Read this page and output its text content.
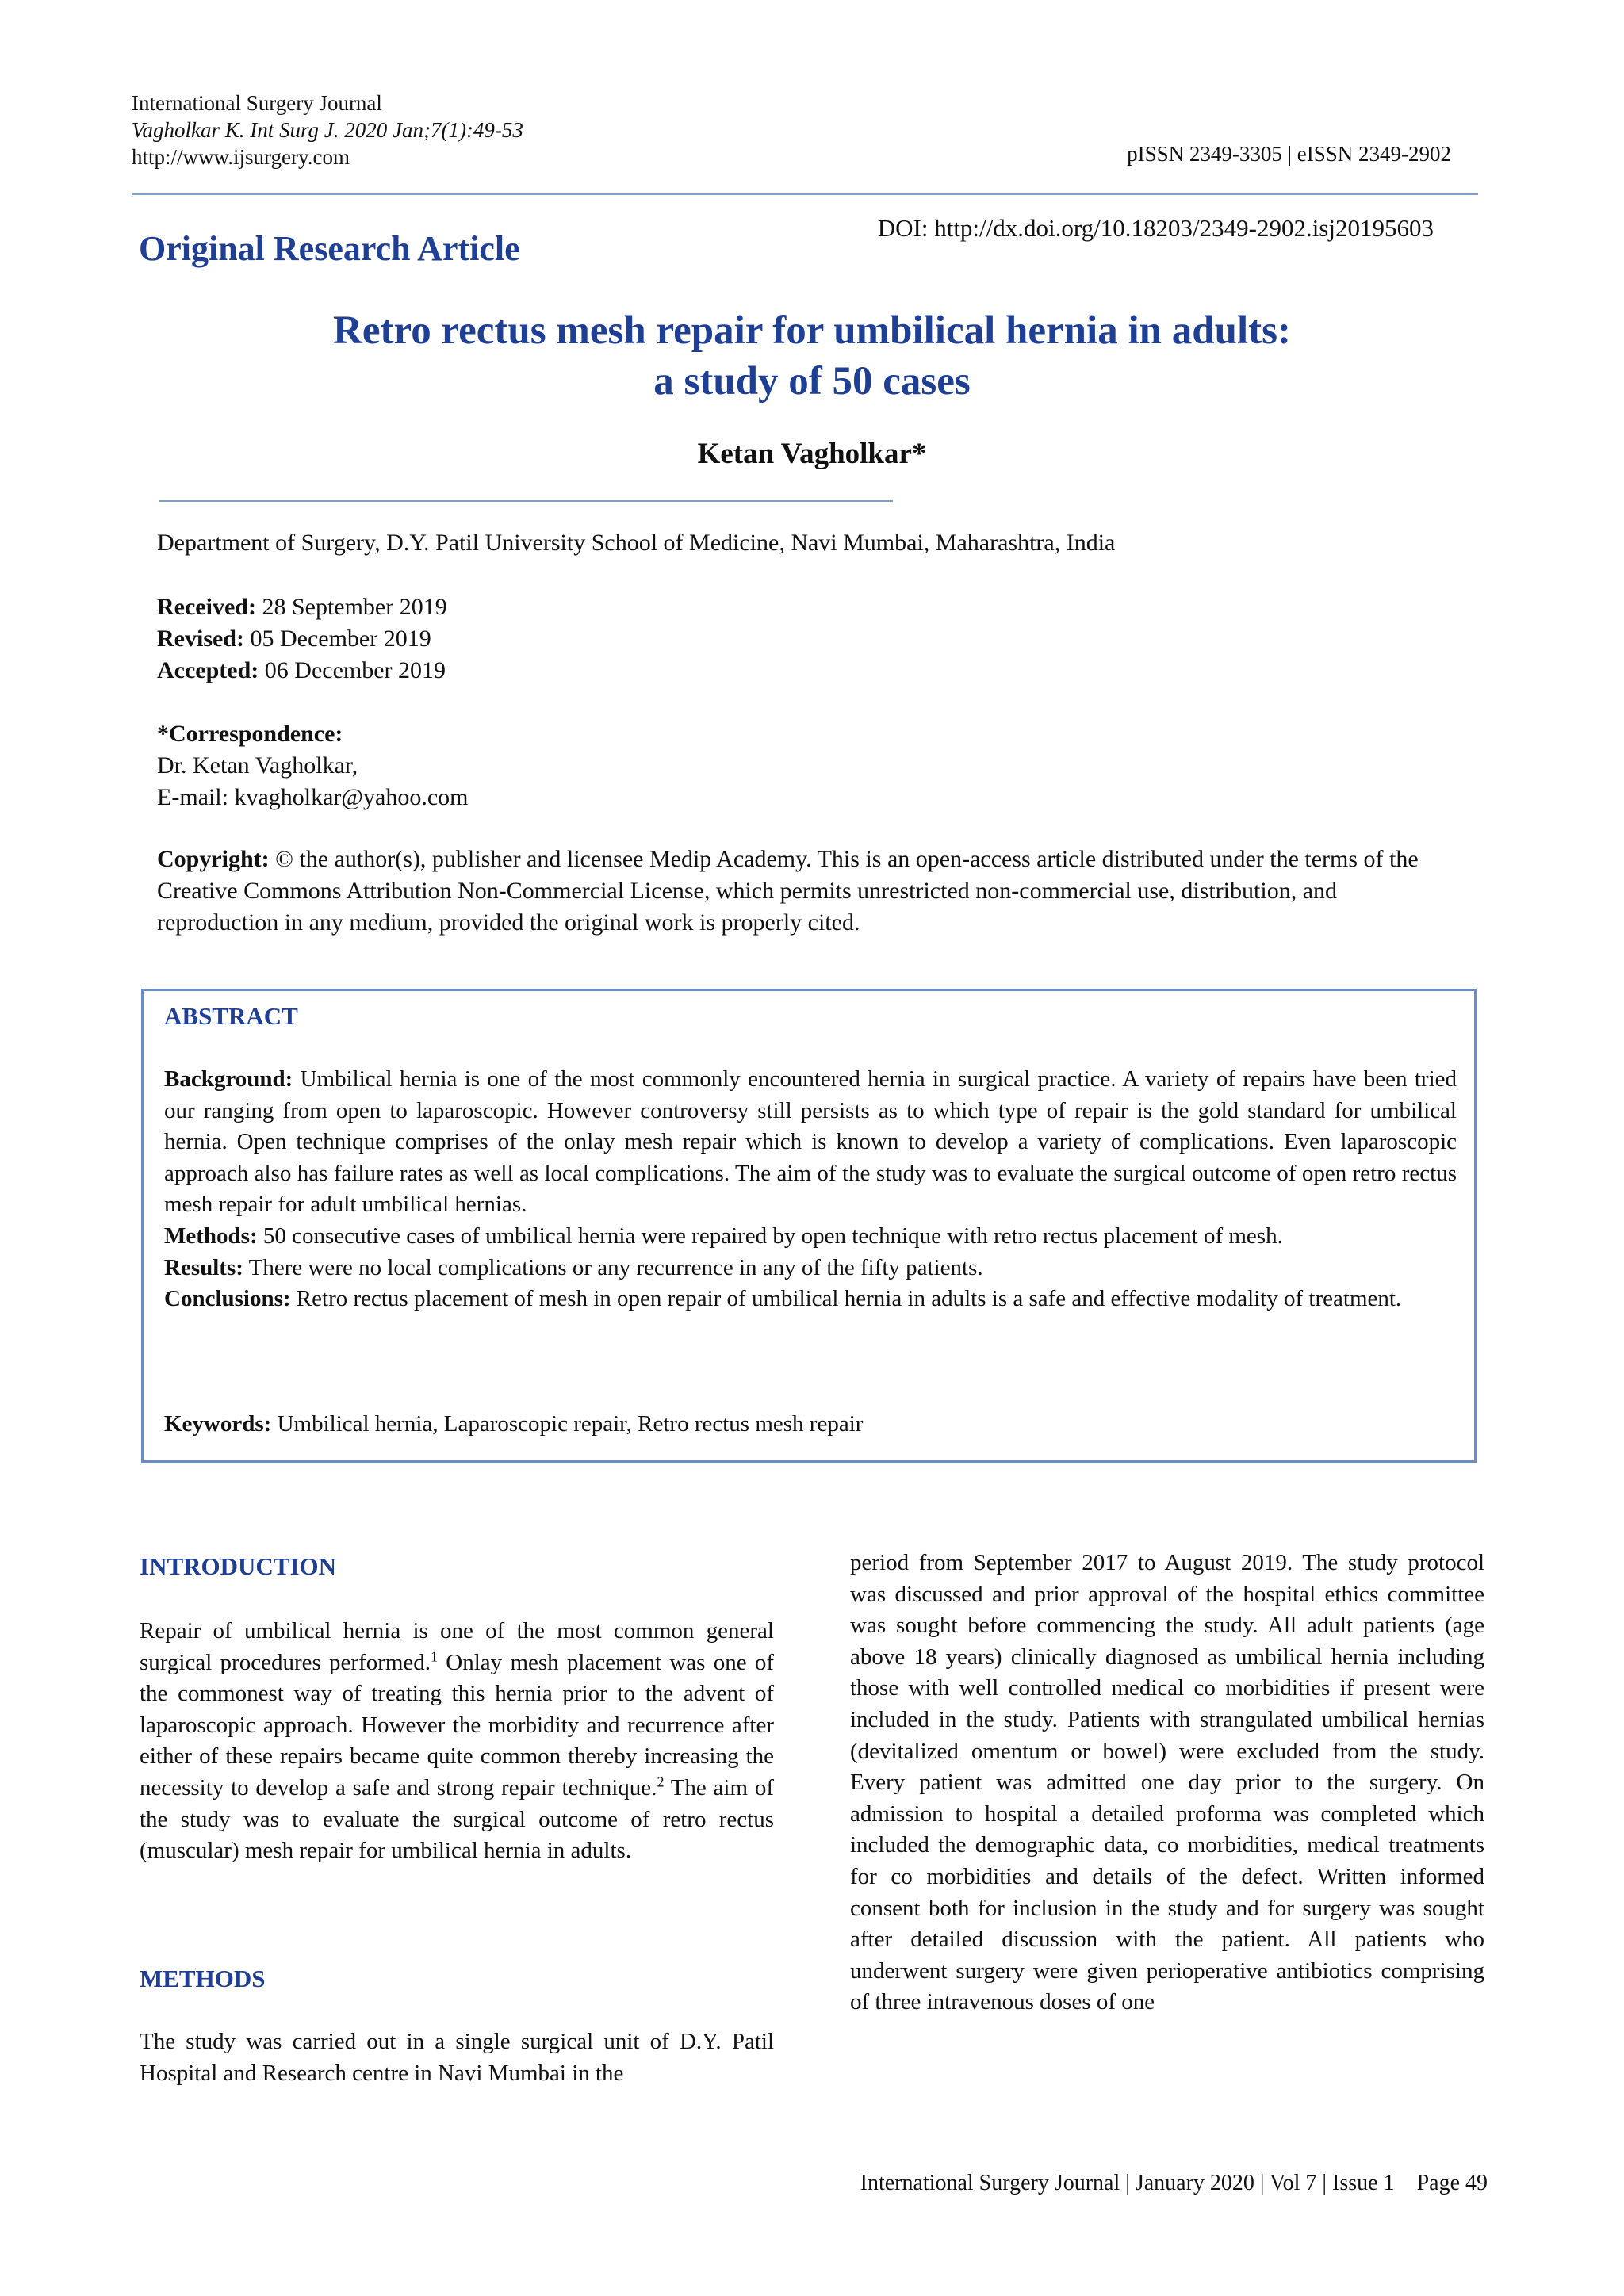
International Surgery Journal
Vagholkar K. Int Surg J. 2020 Jan;7(1):49-53
http://www.ijsurgery.com	pISSN 2349-3305 | eISSN 2349-2902
Original Research Article
DOI: http://dx.doi.org/10.18203/2349-2902.isj20195603
Retro rectus mesh repair for umbilical hernia in adults:
a study of 50 cases
Ketan Vagholkar*
Department of Surgery, D.Y. Patil University School of Medicine, Navi Mumbai, Maharashtra, India
Received: 28 September 2019
Revised: 05 December 2019
Accepted: 06 December 2019
*Correspondence:
Dr. Ketan Vagholkar,
E-mail: kvagholkar@yahoo.com
Copyright: © the author(s), publisher and licensee Medip Academy. This is an open-access article distributed under the terms of the Creative Commons Attribution Non-Commercial License, which permits unrestricted non-commercial use, distribution, and reproduction in any medium, provided the original work is properly cited.
ABSTRACT

Background: Umbilical hernia is one of the most commonly encountered hernia in surgical practice. A variety of repairs have been tried our ranging from open to laparoscopic. However controversy still persists as to which type of repair is the gold standard for umbilical hernia. Open technique comprises of the onlay mesh repair which is known to develop a variety of complications. Even laparoscopic approach also has failure rates as well as local complications. The aim of the study was to evaluate the surgical outcome of open retro rectus mesh repair for adult umbilical hernias.

Methods: 50 consecutive cases of umbilical hernia were repaired by open technique with retro rectus placement of mesh.

Results: There were no local complications or any recurrence in any of the fifty patients.

Conclusions: Retro rectus placement of mesh in open repair of umbilical hernia in adults is a safe and effective modality of treatment.

Keywords: Umbilical hernia, Laparoscopic repair, Retro rectus mesh repair
INTRODUCTION
Repair of umbilical hernia is one of the most common general surgical procedures performed.$^1$ Onlay mesh placement was one of the commonest way of treating this hernia prior to the advent of laparoscopic approach. However the morbidity and recurrence after either of these repairs became quite common thereby increasing the necessity to develop a safe and strong repair technique.$^2$ The aim of the study was to evaluate the surgical outcome of retro rectus (muscular) mesh repair for umbilical hernia in adults.
METHODS
The study was carried out in a single surgical unit of D.Y. Patil Hospital and Research centre in Navi Mumbai in the
period from September 2017 to August 2019. The study protocol was discussed and prior approval of the hospital ethics committee was sought before commencing the study. All adult patients (age above 18 years) clinically diagnosed as umbilical hernia including those with well controlled medical co morbidities if present were included in the study. Patients with strangulated umbilical hernias (devitalized omentum or bowel) were excluded from the study. Every patient was admitted one day prior to the surgery. On admission to hospital a detailed proforma was completed which included the demographic data, co morbidities, medical treatments for co morbidities and details of the defect. Written informed consent both for inclusion in the study and for surgery was sought after detailed discussion with the patient. All patients who underwent surgery were given perioperative antibiotics comprising of three intravenous doses of one
International Surgery Journal | January 2020 | Vol 7 | Issue 1    Page 49
